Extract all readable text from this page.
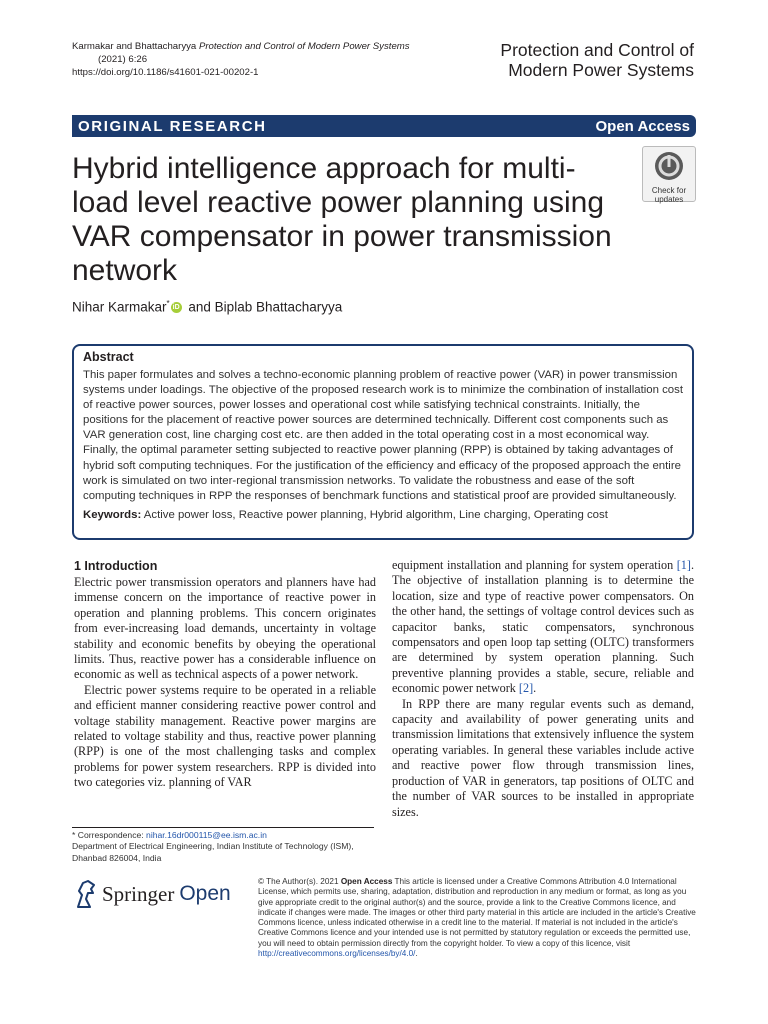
Karmakar and Bhattacharyya Protection and Control of Modern Power Systems
(2021) 6:26
https://doi.org/10.1186/s41601-021-00202-1
Protection and Control of
Modern Power Systems
ORIGINAL RESEARCH	Open Access
Hybrid intelligence approach for multi-load level reactive power planning using VAR compensator in power transmission network
Check for
updates
Nihar Karmakar* iD and Biplab Bhattacharyya
Abstract
This paper formulates and solves a techno-economic planning problem of reactive power (VAR) in power transmission systems under loadings. The objective of the proposed research work is to minimize the combination of installation cost of reactive power sources, power losses and operational cost while satisfying technical constraints. Initially, the positions for the placement of reactive power sources are determined technically. Different cost components such as VAR generation cost, line charging cost etc. are then added in the total operating cost in a most economical way. Finally, the optimal parameter setting subjected to reactive power planning (RPP) is obtained by taking advantages of hybrid soft computing techniques. For the justification of the efficiency and efficacy of the proposed approach the entire work is simulated on two inter-regional transmission networks. To validate the robustness and ease of the soft computing techniques in RPP the responses of benchmark functions and statistical proof are provided simultaneously.
Keywords: Active power loss, Reactive power planning, Hybrid algorithm, Line charging, Operating cost
1 Introduction

Electric power transmission operators and planners have had immense concern on the importance of reactive power in operation and planning problems. This concern originates from ever-increasing load demands, uncertainty in voltage stability and economic benefits by obeying the operational limits. Thus, reactive power has a considerable influence on economic as well as technical aspects of a power network.

Electric power systems require to be operated in a reliable and efficient manner considering reactive power control and voltage stability management. Reactive power margins are related to voltage stability and thus, reactive power planning (RPP) is one of the most challenging tasks and complex problems for power system researchers. RPP is divided into two categories viz. planning of VAR

equipment installation and planning for system operation [1]. The objective of installation planning is to determine the location, size and type of reactive power compensators. On the other hand, the settings of voltage control devices such as capacitor banks, static compensators, synchronous compensators and open loop tap setting (OLTC) transformers are determined by system operation planning. Such preventive planning provides a stable, secure, reliable and economic power network [2].

In RPP there are many regular events such as demand, capacity and availability of power generating units and transmission limitations that extensively influence the system operating variables. In general these variables include active and reactive power flow through transmission lines, production of VAR in generators, tap positions of OLTC and the number of VAR sources to be installed in appropriate sizes.

* Correspondence: nihar.16dr000115@ee.ism.ac.in
Department of Electrical Engineering, Indian Institute of Technology (ISM), Dhanbad 826004, India
Springer Open
© The Author(s). 2021 Open Access This article is licensed under a Creative Commons Attribution 4.0 International License, which permits use, sharing, adaptation, distribution and reproduction in any medium or format, as long as you give appropriate credit to the original author(s) and the source, provide a link to the Creative Commons licence, and indicate if changes were made. The images or other third party material in this article are included in the article's Creative Commons licence, unless indicated otherwise in a credit line to the material. If material is not included in the article's Creative Commons licence and your intended use is not permitted by statutory regulation or exceeds the permitted use, you will need to obtain permission directly from the copyright holder. To view a copy of this licence, visit http://creativecommons.org/licenses/by/4.0/.
